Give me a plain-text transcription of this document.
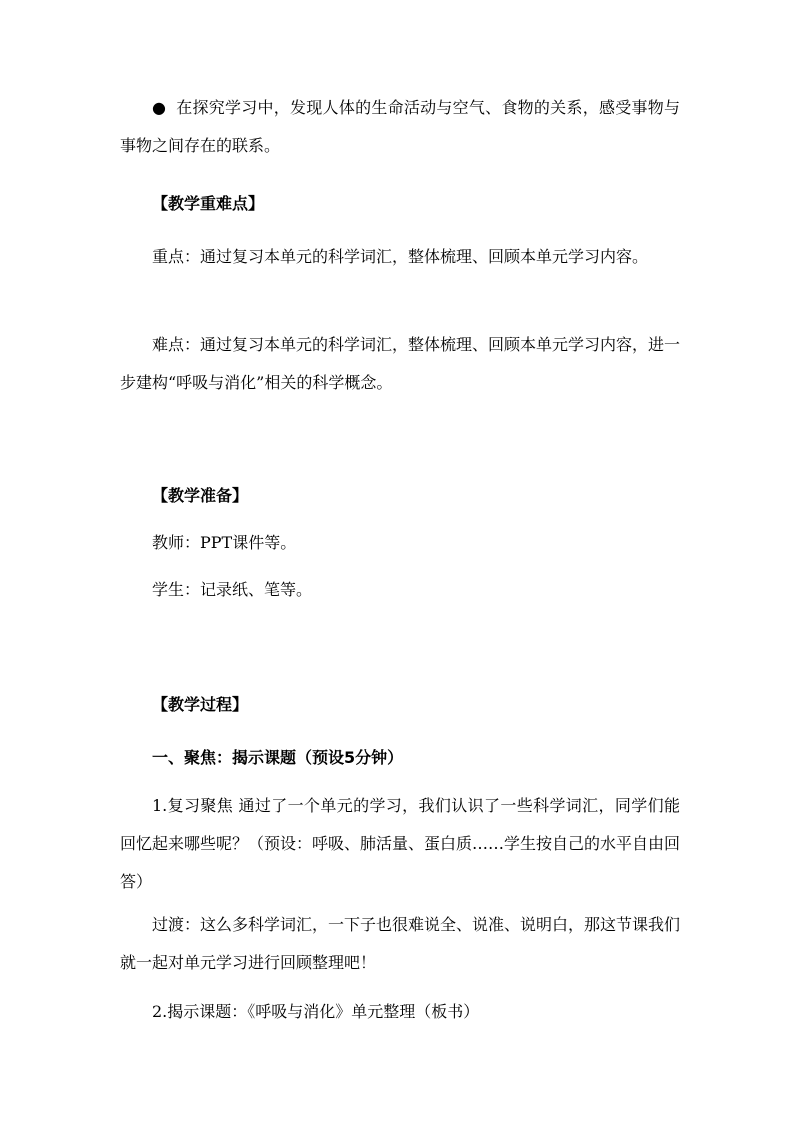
● 在探究学习中，发现人体的生命活动与空气、食物的关系，感受事物与事物之间存在的联系。

【教学重难点】

重点：通过复习本单元的科学词汇，整体梳理、回顾本单元学习内容。

难点：通过复习本单元的科学词汇，整体梳理、回顾本单元学习内容，进一步建构“呼吸与消化”相关的科学概念。

【教学准备】

教师：PPT课件等。

学生：记录纸、笔等。

【教学过程】

一、聚焦：揭示课题（预设5分钟）

1.复习聚焦 通过了一个单元的学习，我们认识了一些科学词汇，同学们能回忆起来哪些呢？（预设：呼吸、肺活量、蛋白质……学生按自己的水平自由回答）

过渡：这么多科学词汇，一下子也很难说全、说准、说明白，那这节课我们就一起对单元学习进行回顾整理吧！

2.揭示课题：《呼吸与消化》单元整理（板书）
